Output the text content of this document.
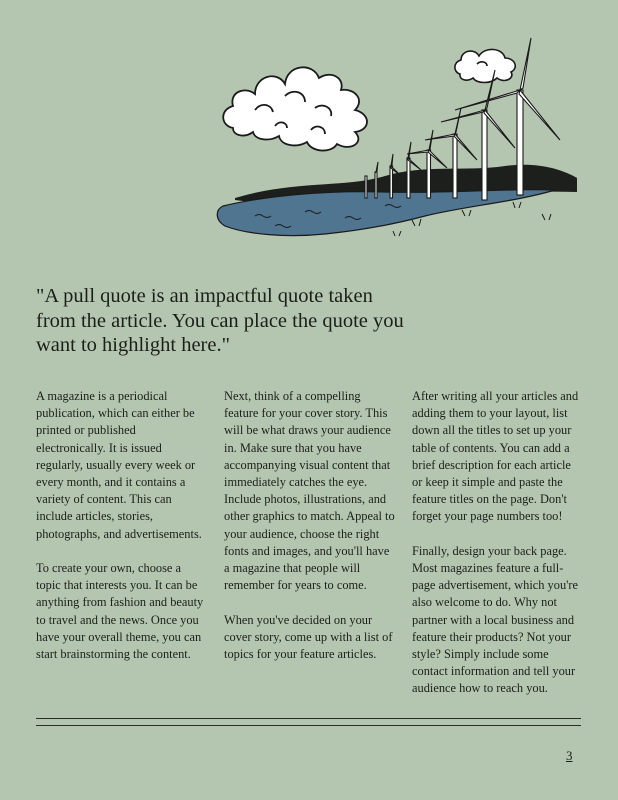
"A pull quote is an impactful quote taken from the article. You can place the quote you want to highlight here."

A magazine is a periodical publication, which can either be printed or published electronically. It is issued regularly, usually every week or every month, and it contains a variety of content. This can include articles, stories, photographs, and advertisements.

To create your own, choose a topic that interests you. It can be anything from fashion and beauty to travel and the news. Once you have your overall theme, you can start brainstorming the content.

Next, think of a compelling feature for your cover story. This will be what draws your audience in. Make sure that you have accompanying visual content that immediately catches the eye. Include photos, illustrations, and other graphics to match. Appeal to your audience, choose the right fonts and images, and you'll have a magazine that people will remember for years to come.

When you've decided on your cover story, come up with a list of topics for your feature articles.

After writing all your articles and adding them to your layout, list down all the titles to set up your table of contents. You can add a brief description for each article or keep it simple and paste the feature titles on the page. Don't forget your page numbers too!

Finally, design your back page. Most magazines feature a full-page advertisement, which you're also welcome to do. Why not partner with a local business and feature their products? Not your style? Simply include some contact information and tell your audience how to reach you.

3
